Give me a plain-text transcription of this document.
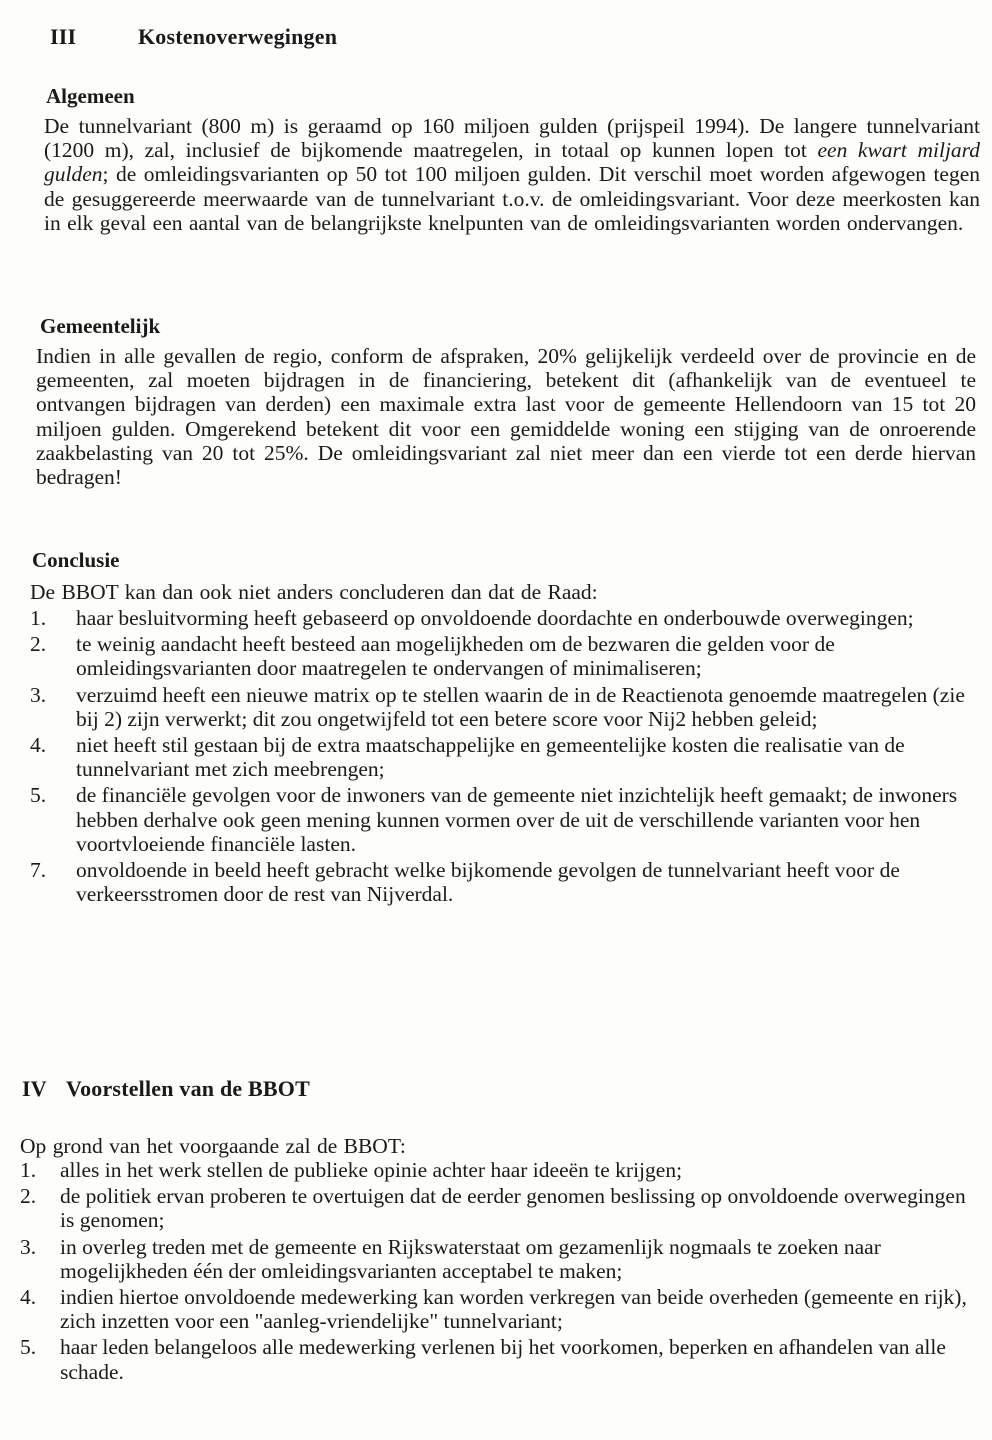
III	Kostenoverwegingen
Algemeen
De tunnelvariant (800 m) is geraamd op 160 miljoen gulden (prijspeil 1994). De langere tunnelvariant (1200 m), zal, inclusief de bijkomende maatregelen, in totaal op kunnen lopen tot een kwart miljard gulden; de omleidingsvarianten op 50 tot 100 miljoen gulden. Dit verschil moet worden afgewogen tegen de gesuggereerde meerwaarde van de tunnelvariant t.o.v. de omleidingsvariant. Voor deze meerkosten kan in elk geval een aantal van de belangrijkste knelpunten van de omleidingsvarianten worden ondervangen.
Gemeentelijk
Indien in alle gevallen de regio, conform de afspraken, 20% gelijkelijk verdeeld over de provincie en de gemeenten, zal moeten bijdragen in de financiering, betekent dit (afhankelijk van de eventueel te ontvangen bijdragen van derden) een maximale extra last voor de gemeente Hellendoorn van 15 tot 20 miljoen gulden. Omgerekend betekent dit voor een gemiddelde woning een stijging van de onroerende zaakbelasting van 20 tot 25%. De omleidingsvariant zal niet meer dan een vierde tot een derde hiervan bedragen!
Conclusie
De BBOT kan dan ook niet anders concluderen dan dat de Raad:
1. haar besluitvorming heeft gebaseerd op onvoldoende doordachte en onderbouwde overwegingen;
2. te weinig aandacht heeft besteed aan mogelijkheden om de bezwaren die gelden voor de omleidingsvarianten door maatregelen te ondervangen of minimaliseren;
3. verzuimd heeft een nieuwe matrix op te stellen waarin de in de Reactienota genoemde maatregelen (zie bij 2) zijn verwerkt; dit zou ongetwijfeld tot een betere score voor Nij2 hebben geleid;
4. niet heeft stil gestaan bij de extra maatschappelijke en gemeentelijke kosten die realisatie van de tunnelvariant met zich meebrengen;
5. de financiële gevolgen voor de inwoners van de gemeente niet inzichtelijk heeft gemaakt; de inwoners hebben derhalve ook geen mening kunnen vormen over de uit de verschillende varianten voor hen voortvloeiende financiële lasten.
7. onvoldoende in beeld heeft gebracht welke bijkomende gevolgen de tunnelvariant heeft voor de verkeersstromen door de rest van Nijverdal.
IV Voorstellen van de BBOT
Op grond van het voorgaande zal de BBOT:
1. alles in het werk stellen de publieke opinie achter haar ideeën te krijgen;
2. de politiek ervan proberen te overtuigen dat de eerder genomen beslissing op onvoldoende overwegingen is genomen;
3. in overleg treden met de gemeente en Rijkswaterstaat om gezamenlijk nogmaals te zoeken naar mogelijkheden één der omleidingsvarianten acceptabel te maken;
4. indien hiertoe onvoldoende medewerking kan worden verkregen van beide overheden (gemeente en rijk), zich inzetten voor een "aanleg-vriendelijke" tunnelvariant;
5. haar leden belangeloos alle medewerking verlenen bij het voorkomen, beperken en afhandelen van alle schade.
